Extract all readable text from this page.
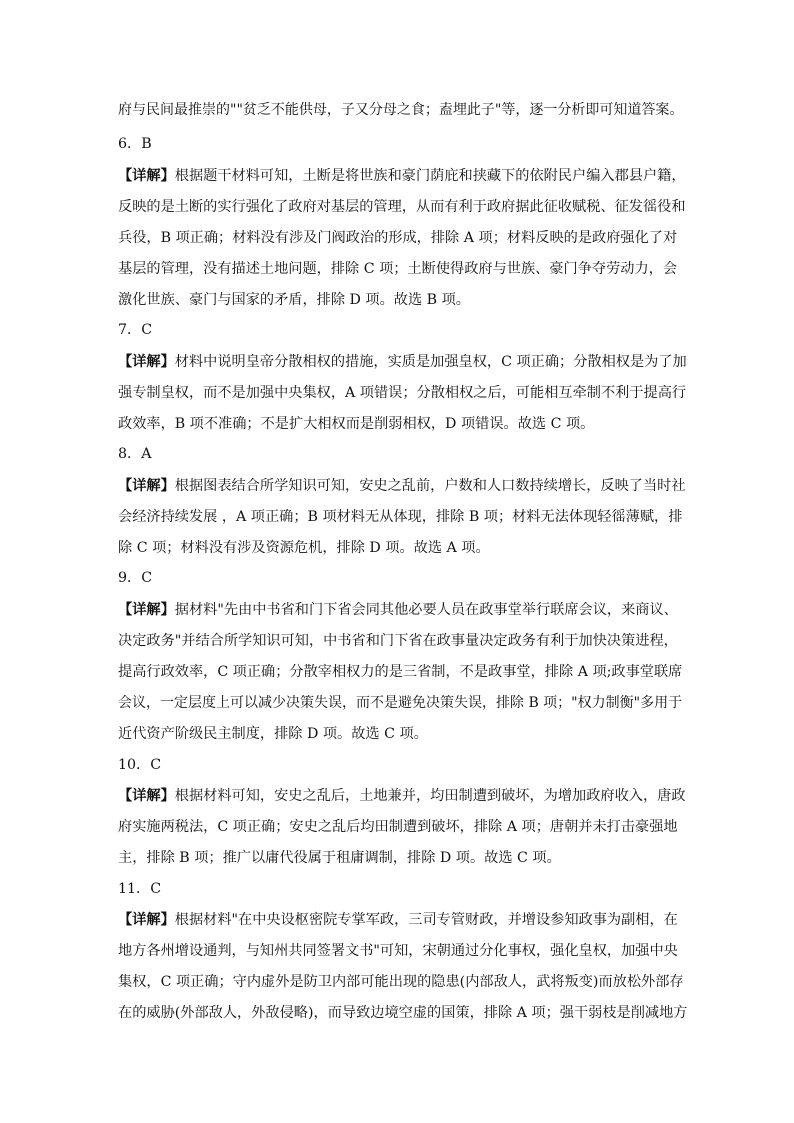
府与民间最推崇的""贫乏不能供母，子又分母之食；盍埋此子"等，逐一分析即可知道答案。
6．B
【详解】根据题干材料可知，土断是将世族和豪门荫庇和挟藏下的依附民户编入郡县户籍，
反映的是土断的实行强化了政府对基层的管理，从而有利于政府据此征收赋税、征发徭役和
兵役，B 项正确；材料没有涉及门阀政治的形成，排除 A 项；材料反映的是政府强化了对
基层的管理，没有描述土地问题，排除 C 项；土断使得政府与世族、豪门争夺劳动力，会
激化世族、豪门与国家的矛盾，排除 D 项。故选 B 项。
7．C
【详解】材料中说明皇帝分散相权的措施，实质是加强皇权，C 项正确；分散相权是为了加
强专制皇权，而不是加强中央集权，A 项错误；分散相权之后，可能相互牵制不利于提高行
政效率，B 项不准确；不是扩大相权而是削弱相权，D 项错误。故选 C 项。
8．A
【详解】根据图表结合所学知识可知，安史之乱前，户数和人口数持续增长，反映了当时社
会经济持续发展 ，A 项正确；B 项材料无从体现，排除 B 项；材料无法体现轻徭薄赋，排
除 C 项；材料没有涉及资源危机，排除 D 项。故选 A 项。
9．C
【详解】据材料"先由中书省和门下省会同其他必要人员在政事堂举行联席会议，来商议、
决定政务"并结合所学知识可知，中书省和门下省在政事量决定政务有利于加快决策进程，
提高行政效率，C 项正确；分散宰相权力的是三省制，不是政事堂，排除 A 项;政事堂联席
会议，一定层度上可以减少决策失误，而不是避免决策失误，排除 B 项；"权力制衡"多用于
近代资产阶级民主制度，排除 D 项。故选 C 项。
10．C
【详解】根据材料可知，安史之乱后，土地兼并，均田制遭到破坏，为增加政府收入，唐政
府实施两税法，C 项正确；安史之乱后均田制遭到破坏，排除 A 项；唐朝并未打击豪强地
主，排除 B 项；推广以庸代役属于租庸调制，排除 D 项。故选 C 项。
11．C
【详解】根据材料"在中央设枢密院专掌军政，三司专管财政，并增设参知政事为副相，在
地方各州增设通判，与知州共同签署文书"可知，宋朝通过分化事权，强化皇权，加强中央
集权，C 项正确；守内虚外是防卫内部可能出现的隐患(内部敌人，武将叛变)而放松外部存
在的威胁(外部敌人，外敌侵略)，而导致边境空虚的国策，排除 A 项；强干弱枝是削减地方
